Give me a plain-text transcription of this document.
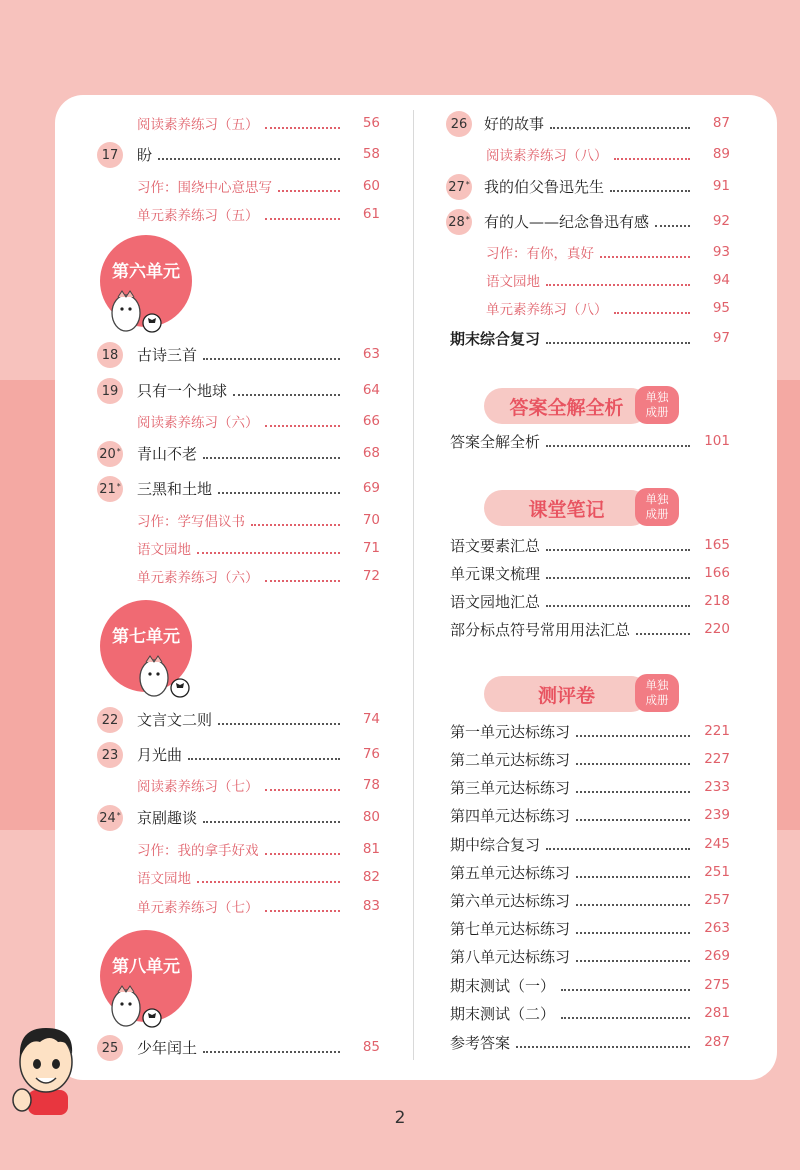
阅读素养练习（五）	56
17 盼	58
习作：围绕中心意思写	60
单元素养练习（五）	61
18 古诗三首	63
19 只有一个地球	64
阅读素养练习（六）	66
20* 青山不老	68
21* 三黑和土地	69
习作：学写倡议书	70
语文园地	71
单元素养练习（六）	72
22 文言文二则	74
23 月光曲	76
阅读素养练习（七）	78
24* 京剧趣谈	80
习作：我的拿手好戏	81
语文园地	82
单元素养练习（七）	83
25 少年闰土	85
第六单元
第七单元
第八单元
26 好的故事	87
阅读素养练习（八）	89
27* 我的伯父鲁迅先生	91
28* 有的人——纪念鲁迅有感	92
习作：有你，真好	93
语文园地	94
单元素养练习（八）	95
期末综合复习	97
答案全解全析	单独
成册
答案全解全析	101
课堂笔记	单独
成册
语文要素汇总	165
单元课文梳理	166
语文园地汇总	218
部分标点符号常用用法汇总	220
测评卷	单独
成册
第一单元达标练习	221
第二单元达标练习	227
第三单元达标练习	233
第四单元达标练习	239
期中综合复习	245
第五单元达标练习	251
第六单元达标练习	257
第七单元达标练习	263
第八单元达标练习	269
期末测试（一）	275
期末测试（二）	281
参考答案	287
2
